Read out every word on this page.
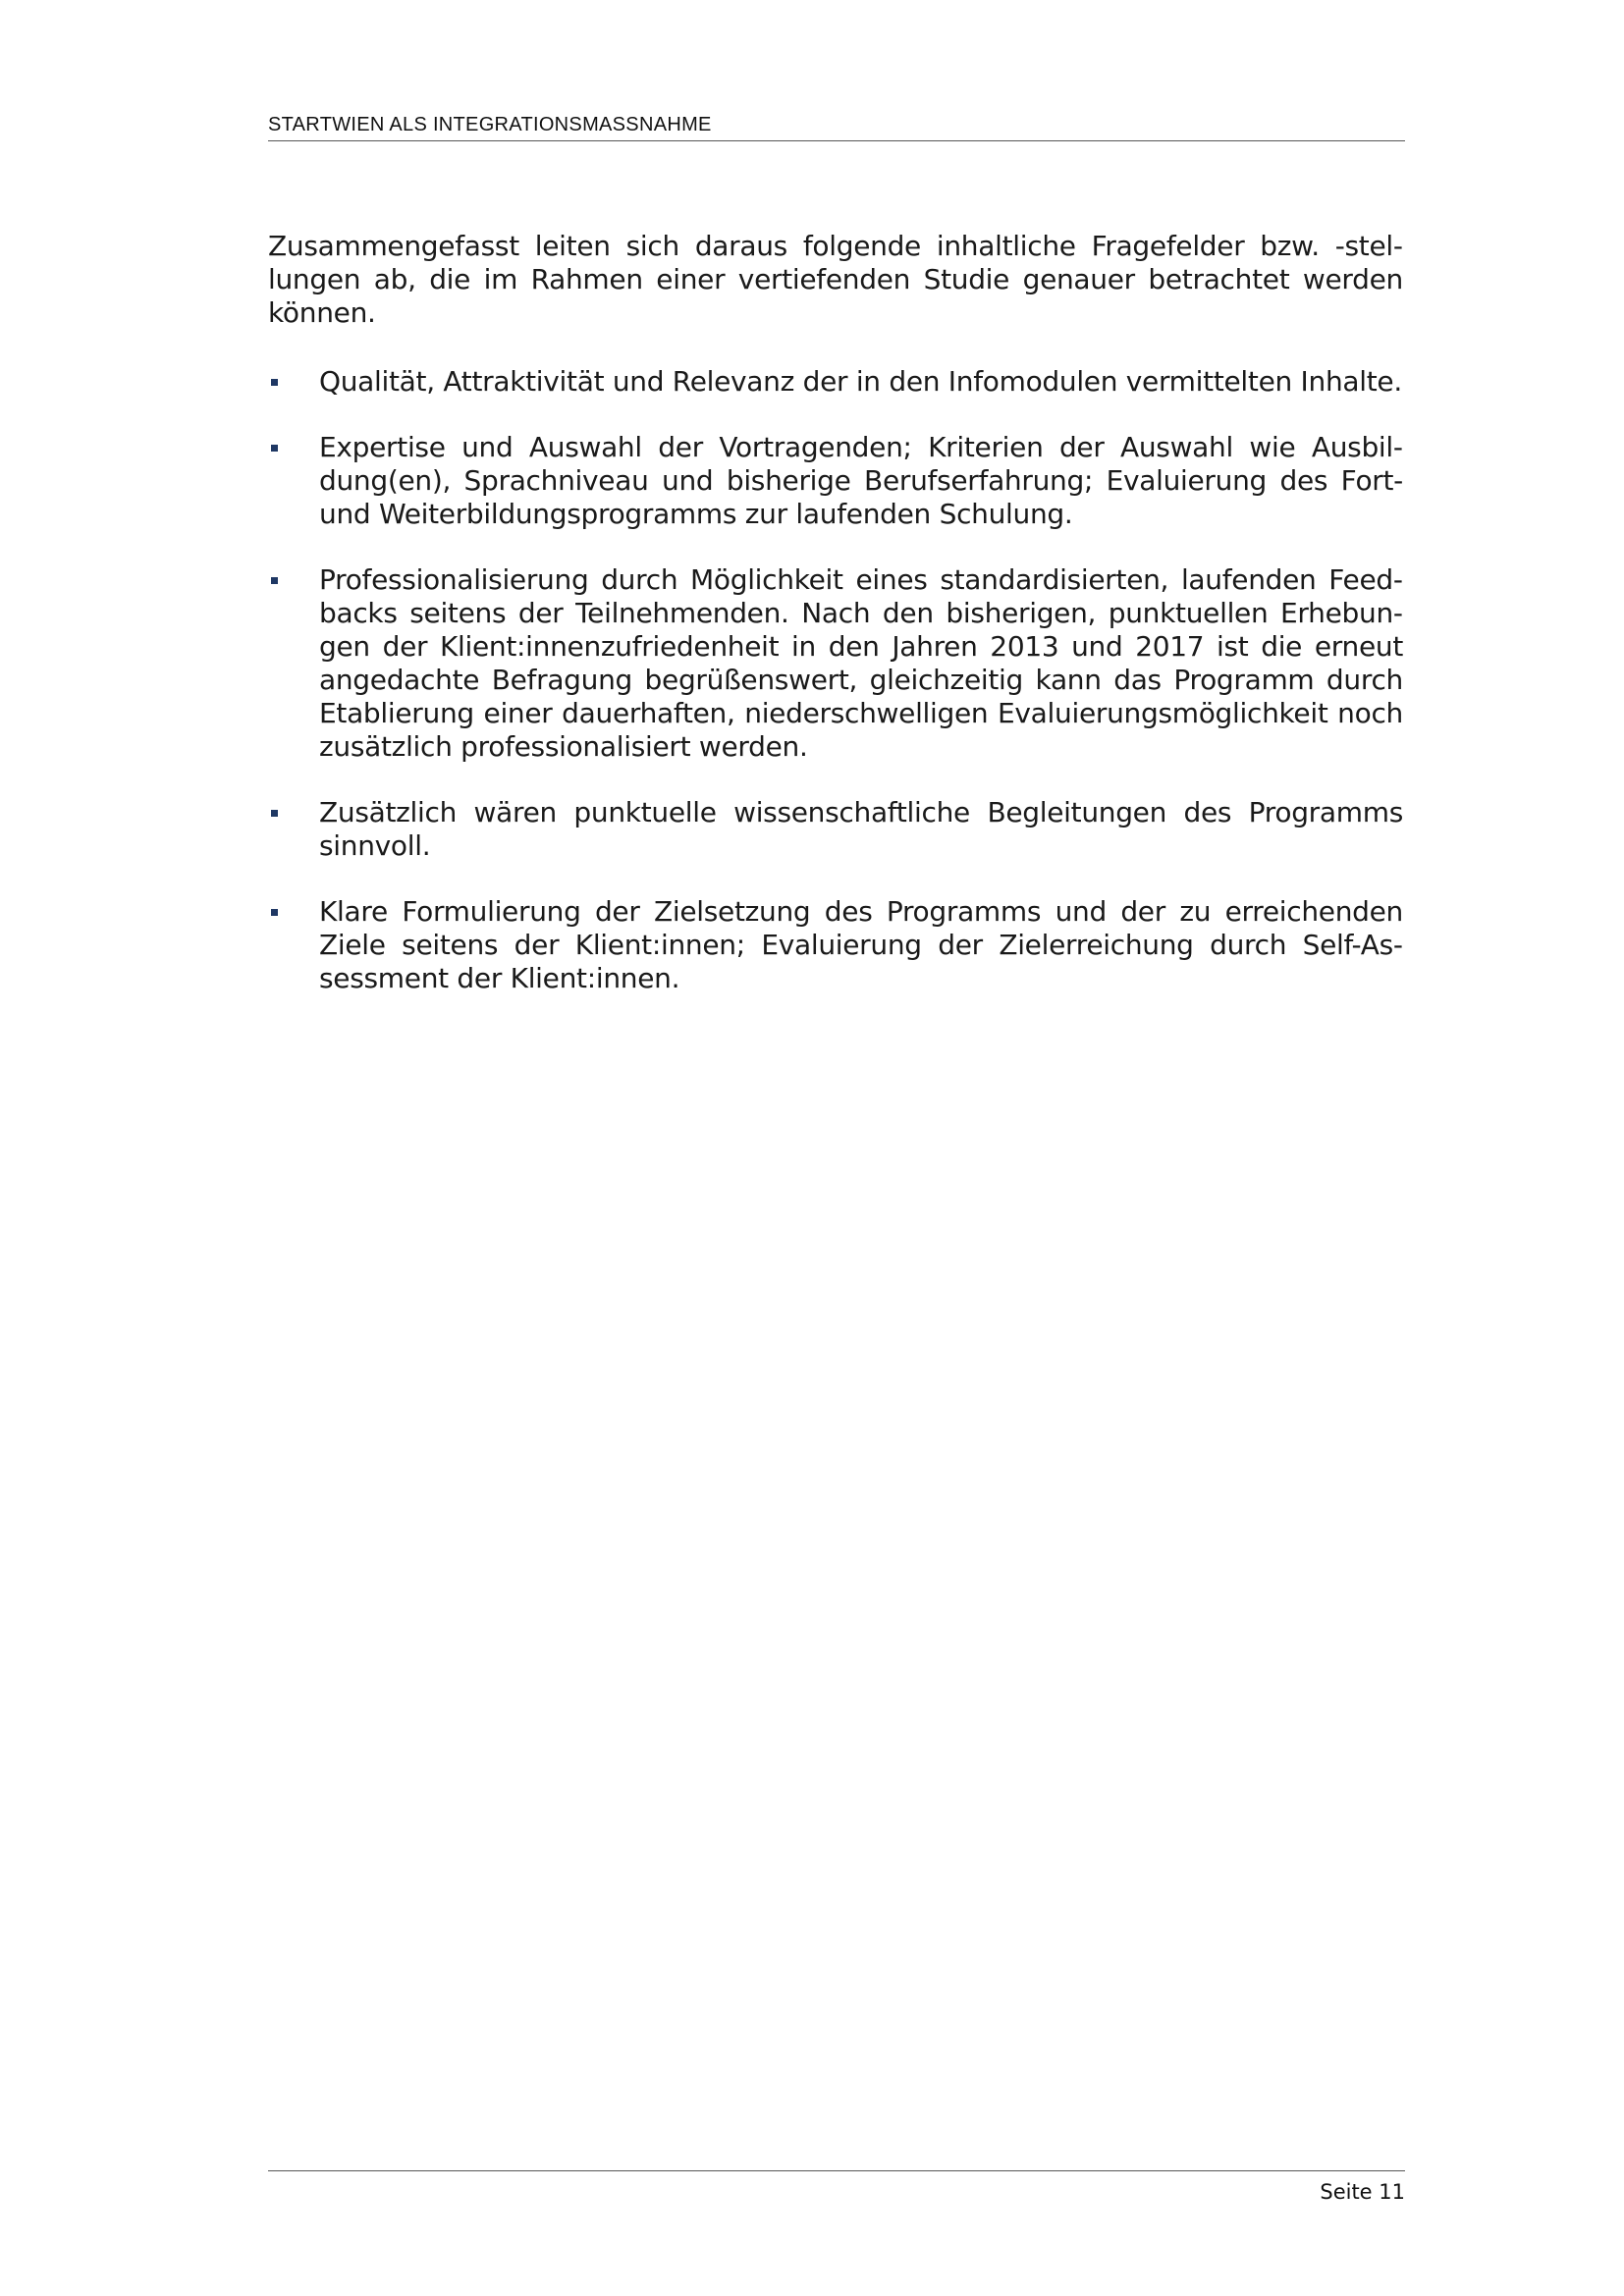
STARTWIEN ALS INTEGRATIONSMASSNAHME

Zusammengefasst leiten sich daraus folgende inhaltliche Fragefelder bzw. -stellungen ab, die im Rahmen einer vertiefenden Studie genauer betrachtet werden können.

Qualität, Attraktivität und Relevanz der in den Infomodulen vermittelten Inhalte.
Expertise und Auswahl der Vortragenden; Kriterien der Auswahl wie Ausbildung(en), Sprachniveau und bisherige Berufserfahrung; Evaluierung des Fort- und Weiterbildungsprogramms zur laufenden Schulung.
Professionalisierung durch Möglichkeit eines standardisierten, laufenden Feedbacks seitens der Teilnehmenden. Nach den bisherigen, punktuellen Erhebungen der Klient:innenzufriedenheit in den Jahren 2013 und 2017 ist die erneut angedachte Befragung begrüßenswert, gleichzeitig kann das Programm durch Etablierung einer dauerhaften, niederschwelligen Evaluierungsmöglichkeit noch zusätzlich professionalisiert werden.
Zusätzlich wären punktuelle wissenschaftliche Begleitungen des Programms sinnvoll.
Klare Formulierung der Zielsetzung des Programms und der zu erreichenden Ziele seitens der Klient:innen; Evaluierung der Zielerreichung durch Self-Assessment der Klient:innen.
Seite 11
